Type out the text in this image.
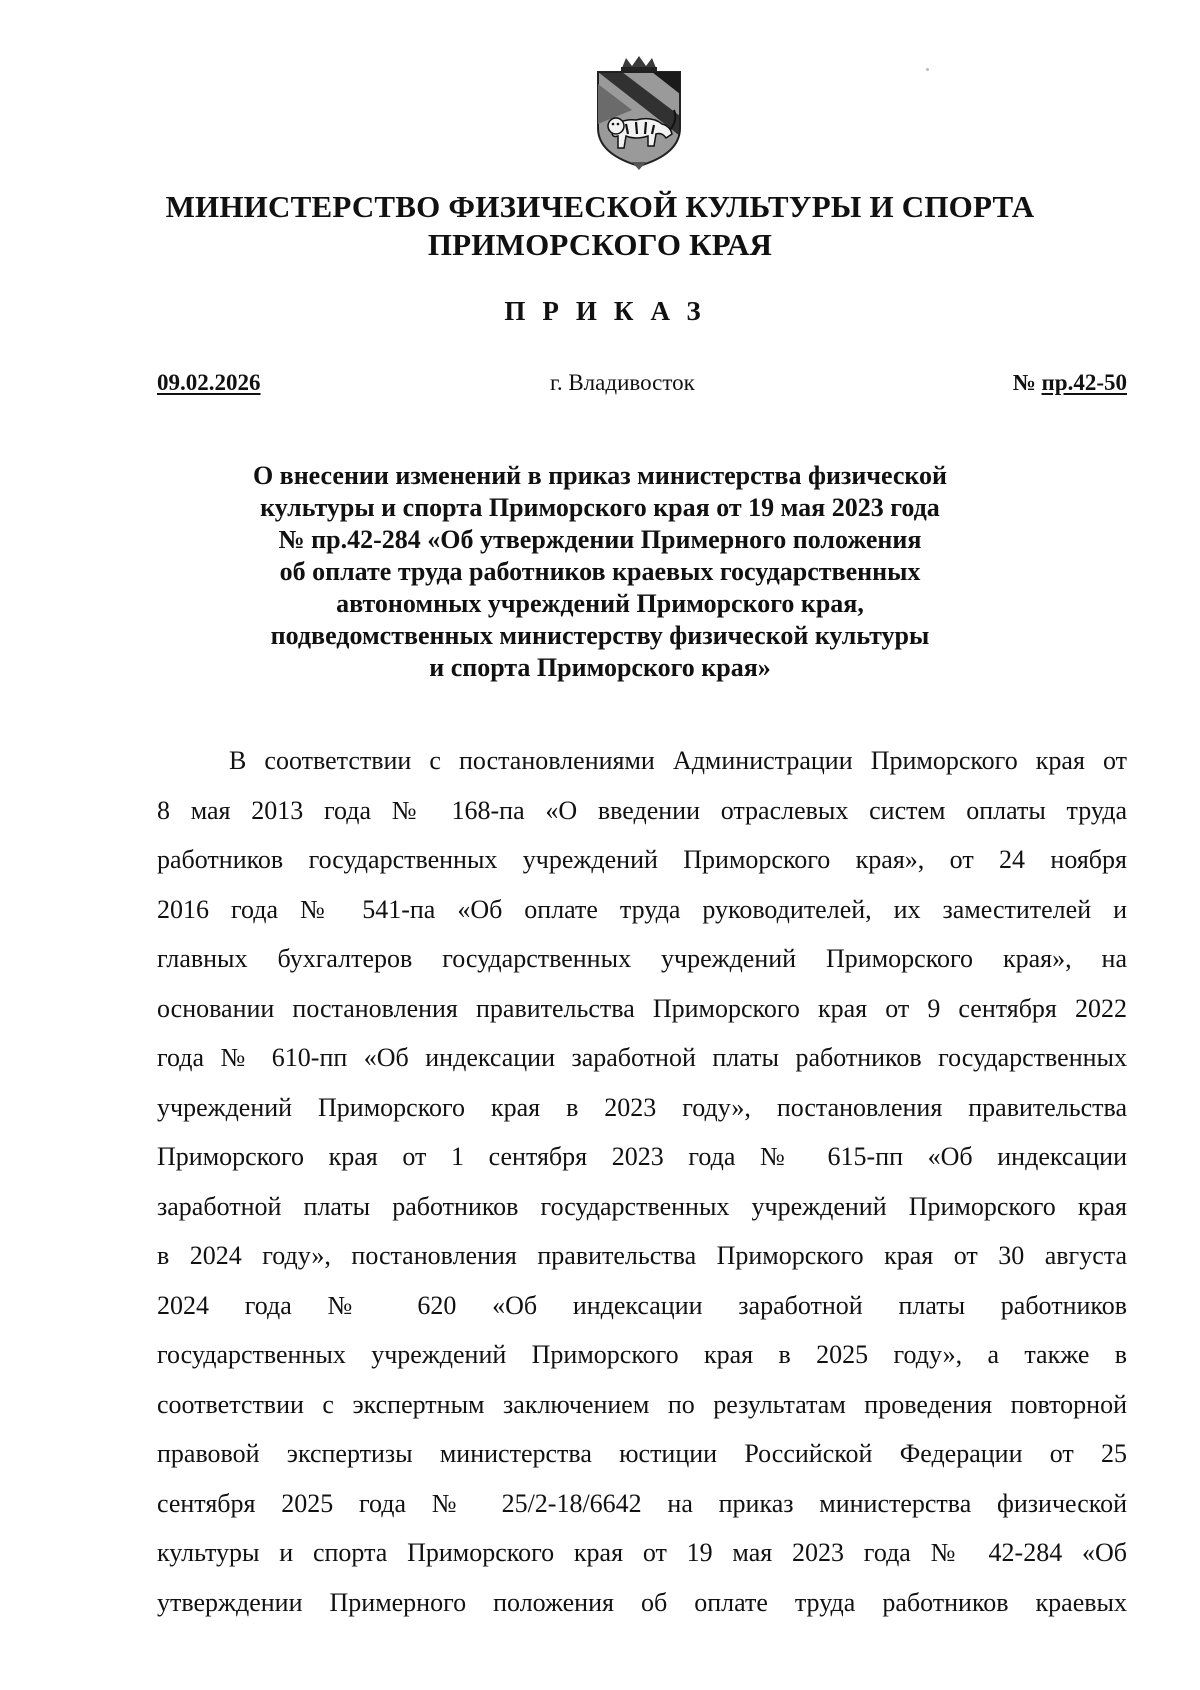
МИНИСТЕРСТВО ФИЗИЧЕСКОЙ КУЛЬТУРЫ И СПОРТА
ПРИМОРСКОГО КРАЯ
ПРИКАЗ
09.02.2026	г. Владивосток	№ пр.42-50
О внесении изменений в приказ министерства физической
культуры и спорта Приморского края от 19 мая 2023 года
№ пр.42-284 «Об утверждении Примерного положения
об оплате труда работников краевых государственных
автономных учреждений Приморского края,
подведомственных министерству физической культуры
и спорта Приморского края»
В соответствии с постановлениями Администрации Приморского края от
8 мая 2013 года № 168-па «О введении отраслевых систем оплаты труда
работников государственных учреждений Приморского края», от 24 ноября
2016 года № 541-па «Об оплате труда руководителей, их заместителей и
главных бухгалтеров государственных учреждений Приморского края», на
основании постановления правительства Приморского края от 9 сентября 2022
года № 610-пп «Об индексации заработной платы работников государственных
учреждений Приморского края в 2023 году», постановления правительства
Приморского края от 1 сентября 2023 года № 615-пп «Об индексации
заработной платы работников государственных учреждений Приморского края
в 2024 году», постановления правительства Приморского края от 30 августа
2024 года № 620 «Об индексации заработной платы работников
государственных учреждений Приморского края в 2025 году», а также в
соответствии с экспертным заключением по результатам проведения повторной
правовой экспертизы министерства юстиции Российской Федерации от 25
сентября 2025 года № 25/2-18/6642 на приказ министерства физической
культуры и спорта Приморского края от 19 мая 2023 года № 42-284 «Об
утверждении Примерного положения об оплате труда работников краевых
